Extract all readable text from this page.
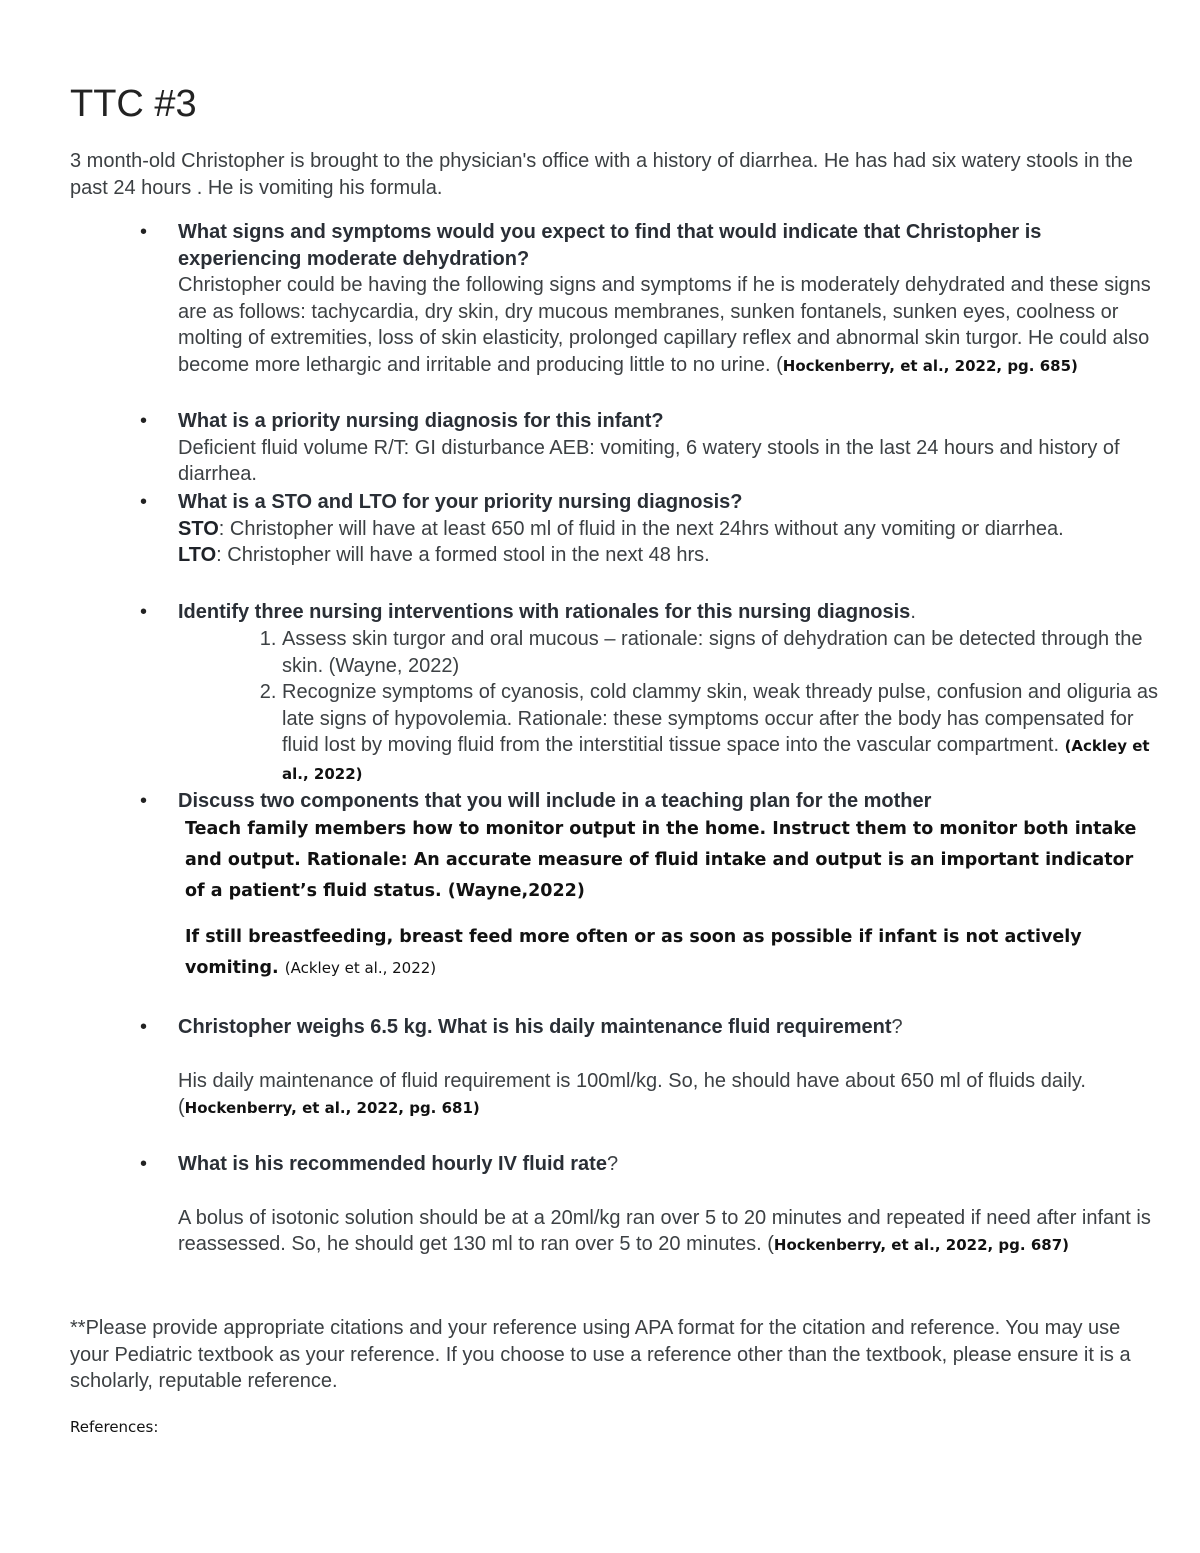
TTC #3
3 month-old Christopher is brought to the physician's office with a history of diarrhea. He has had six watery stools in the past 24 hours . He is vomiting his formula.
• What signs and symptoms would you expect to find that would indicate that Christopher is experiencing moderate dehydration?
Christopher could be having the following signs and symptoms if he is moderately dehydrated and these signs are as follows: tachycardia, dry skin, dry mucous membranes, sunken fontanels, sunken eyes, coolness or molting of extremities, loss of skin elasticity, prolonged capillary reflex and abnormal skin turgor. He could also become more lethargic and irritable and producing little to no urine. (Hockenberry, et al., 2022, pg. 685)
• What is a priority nursing diagnosis for this infant?
Deficient fluid volume R/T: GI disturbance AEB: vomiting, 6 watery stools in the last 24 hours and history of diarrhea.
• What is a STO and LTO for your priority nursing diagnosis?
STO: Christopher will have at least 650 ml of fluid in the next 24hrs without any vomiting or diarrhea.
LTO: Christopher will have a formed stool in the next 48 hrs.
• Identify three nursing interventions with rationales for this nursing diagnosis.
1. Assess skin turgor and oral mucous – rationale: signs of dehydration can be detected through the skin. (Wayne, 2022)
2. Recognize symptoms of cyanosis, cold clammy skin, weak thready pulse, confusion and oliguria as late signs of hypovolemia. Rationale: these symptoms occur after the body has compensated for fluid lost by moving fluid from the interstitial tissue space into the vascular compartment. (Ackley et al., 2022)
• Discuss two components that you will include in a teaching plan for the mother
Teach family members how to monitor output in the home. Instruct them to monitor both intake and output. Rationale: An accurate measure of fluid intake and output is an important indicator of a patient’s fluid status. (Wayne,2022)
If still breastfeeding, breast feed more often or as soon as possible if infant is not actively vomiting. (Ackley et al., 2022)
• Christopher weighs 6.5 kg. What is his daily maintenance fluid requirement?
His daily maintenance of fluid requirement is 100ml/kg. So, he should have about 650 ml of fluids daily. (Hockenberry, et al., 2022, pg. 681)
• What is his recommended hourly IV fluid rate?
A bolus of isotonic solution should be at a 20ml/kg ran over 5 to 20 minutes and repeated if need after infant is reassessed. So, he should get 130 ml to ran over 5 to 20 minutes. (Hockenberry, et al., 2022, pg. 687)
**Please provide appropriate citations and your reference using APA format for the citation and reference. You may use your Pediatric textbook as your reference. If you choose to use a reference other than the textbook, please ensure it is a scholarly, reputable reference.
References:
